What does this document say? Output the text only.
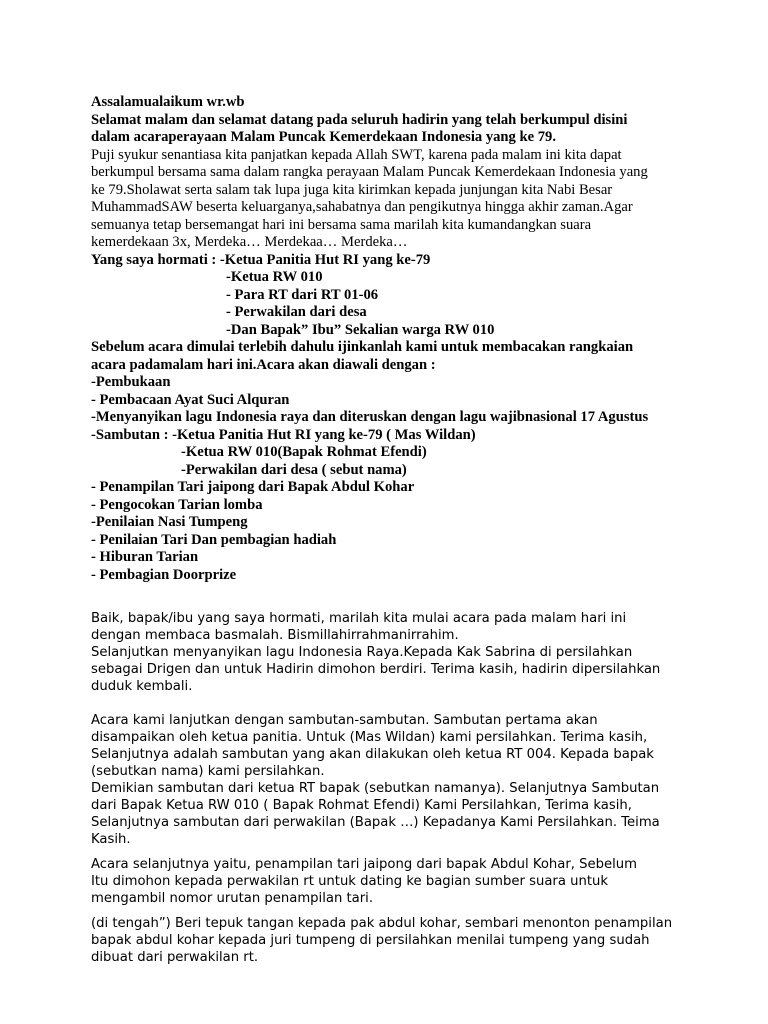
Assalamualaikum wr.wb

Selamat malam dan selamat datang pada seluruh hadirin yang telah berkumpul disini

dalam acaraperayaan Malam Puncak Kemerdekaan Indonesia yang ke 79.

Puji syukur senantiasa kita panjatkan kepada Allah SWT, karena pada malam ini kita dapat

berkumpul bersama sama dalam rangka perayaan Malam Puncak Kemerdekaan Indonesia yang

ke 79.Sholawat serta salam tak lupa juga kita kirimkan kepada junjungan kita Nabi Besar

MuhammadSAW beserta keluarganya,sahabatnya dan pengikutnya hingga akhir zaman.Agar

semuanya tetap bersemangat hari ini bersama sama marilah kita kumandangkan suara

kemerdekaan 3x, Merdeka… Merdekaa… Merdeka…

Yang saya hormati : -Ketua Panitia Hut RI yang ke-79

-Ketua RW 010

- Para RT dari RT 01-06

- Perwakilan dari desa

-Dan Bapak” Ibu” Sekalian warga RW 010

Sebelum acara dimulai terlebih dahulu ijinkanlah kami untuk membacakan rangkaian

acara padamalam hari ini.Acara akan diawali dengan :

-Pembukaan

- Pembacaan Ayat Suci Alquran

-Menyanyikan lagu Indonesia raya dan diteruskan dengan lagu wajibnasional 17 Agustus

-Sambutan : -Ketua Panitia Hut RI yang ke-79 ( Mas Wildan)

-Ketua RW 010(Bapak Rohmat Efendi)

-Perwakilan dari desa ( sebut nama)

- Penampilan Tari jaipong dari Bapak Abdul Kohar

- Pengocokan Tarian lomba

-Penilaian Nasi Tumpeng

- Penilaian Tari Dan pembagian hadiah

- Hiburan Tarian

- Pembagian Doorprize

Baik, bapak/ibu yang saya hormati, marilah kita mulai acara pada malam hari ini
dengan membaca basmalah. Bismillahirrahmanirrahim.
Selanjutkan menyanyikan lagu Indonesia Raya.Kepada Kak Sabrina di persilahkan
sebagai Drigen dan untuk Hadirin dimohon berdiri. Terima kasih, hadirin dipersilahkan
duduk kembali.

Acara kami lanjutkan dengan sambutan-sambutan. Sambutan pertama akan
disampaikan oleh ketua panitia. Untuk (Mas Wildan) kami persilahkan. Terima kasih,
Selanjutnya adalah sambutan yang akan dilakukan oleh ketua RT 004. Kepada bapak
(sebutkan nama) kami persilahkan.
Demikian sambutan dari ketua RT bapak (sebutkan namanya). Selanjutnya Sambutan
dari Bapak Ketua RW 010 ( Bapak Rohmat Efendi) Kami Persilahkan, Terima kasih,
Selanjutnya sambutan dari perwakilan (Bapak …) Kepadanya Kami Persilahkan. Teima
Kasih.

Acara selanjutnya yaitu, penampilan tari jaipong dari bapak Abdul Kohar, Sebelum
Itu dimohon kepada perwakilan rt untuk dating ke bagian sumber suara untuk
mengambil nomor urutan penampilan tari.

(di tengah”) Beri tepuk tangan kepada pak abdul kohar, sembari menonton penampilan
bapak abdul kohar kepada juri tumpeng di persilahkan menilai tumpeng yang sudah
dibuat dari perwakilan rt.
